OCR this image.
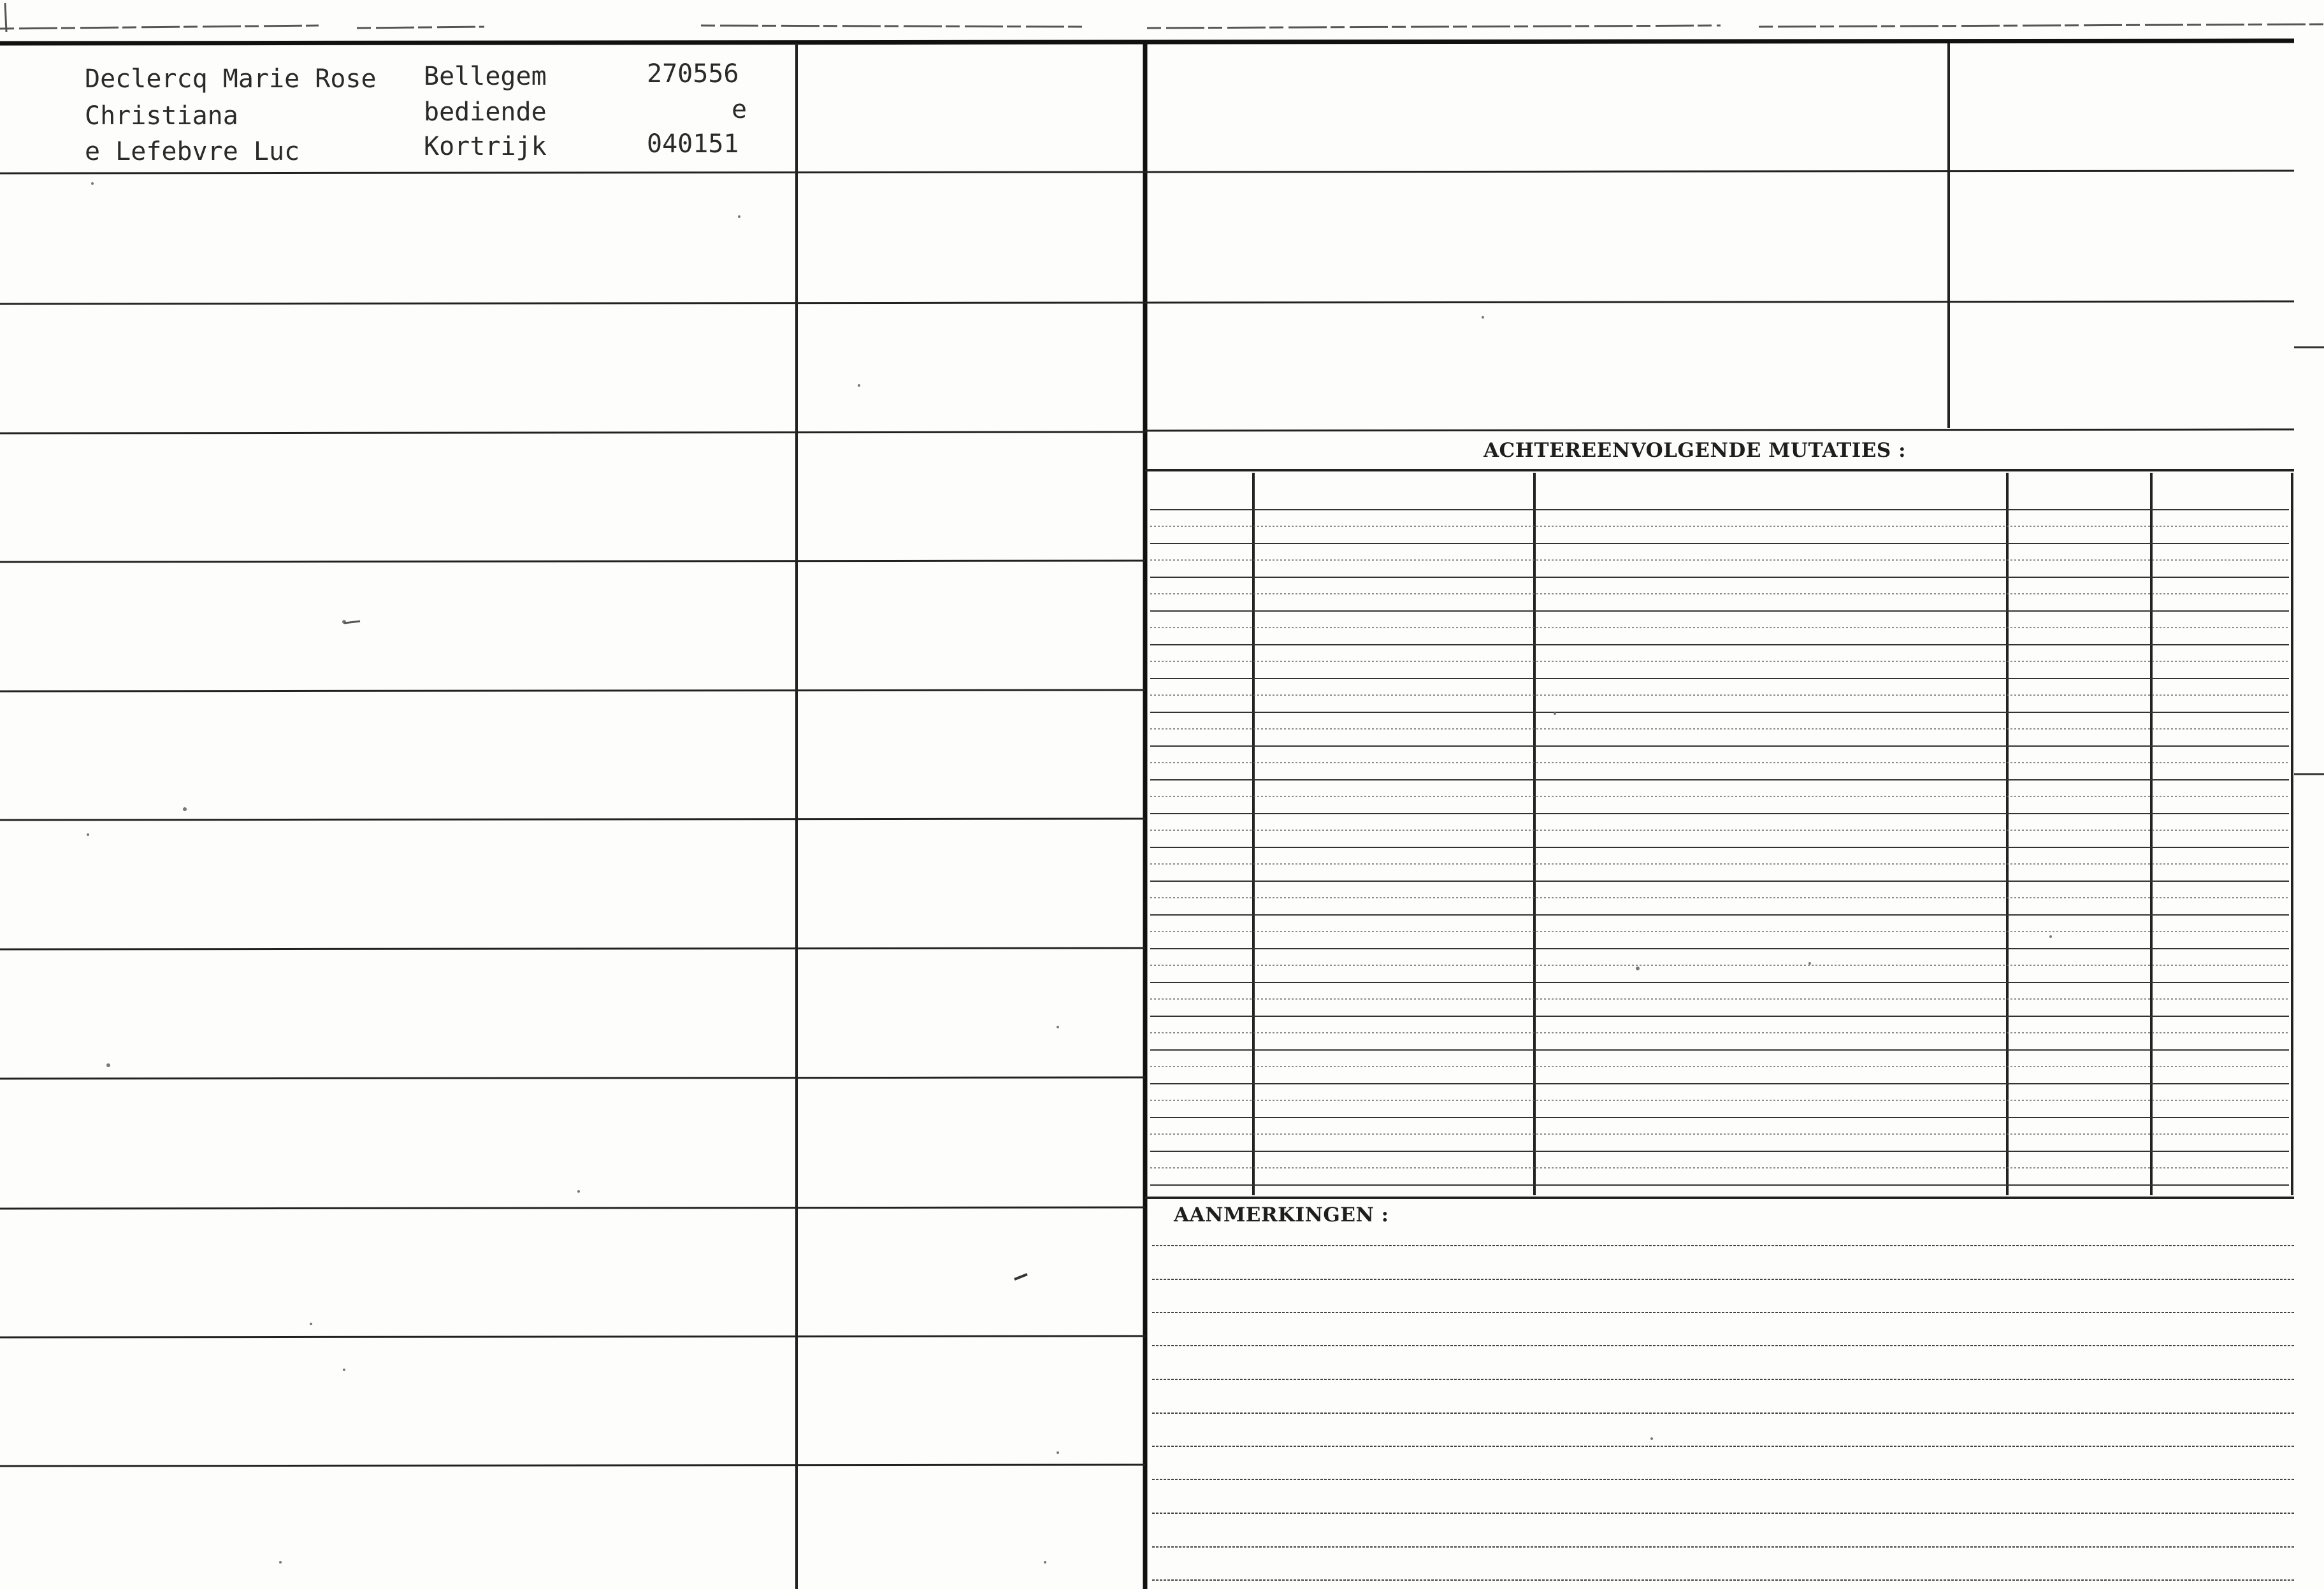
Declercq Marie Rose
Christiana
e Lefebvre Luc
Bellegem
bediende
Kortrijk
270556
e
040151
ACHTEREENVOLGENDE MUTATIES :
AANMERKINGEN :
